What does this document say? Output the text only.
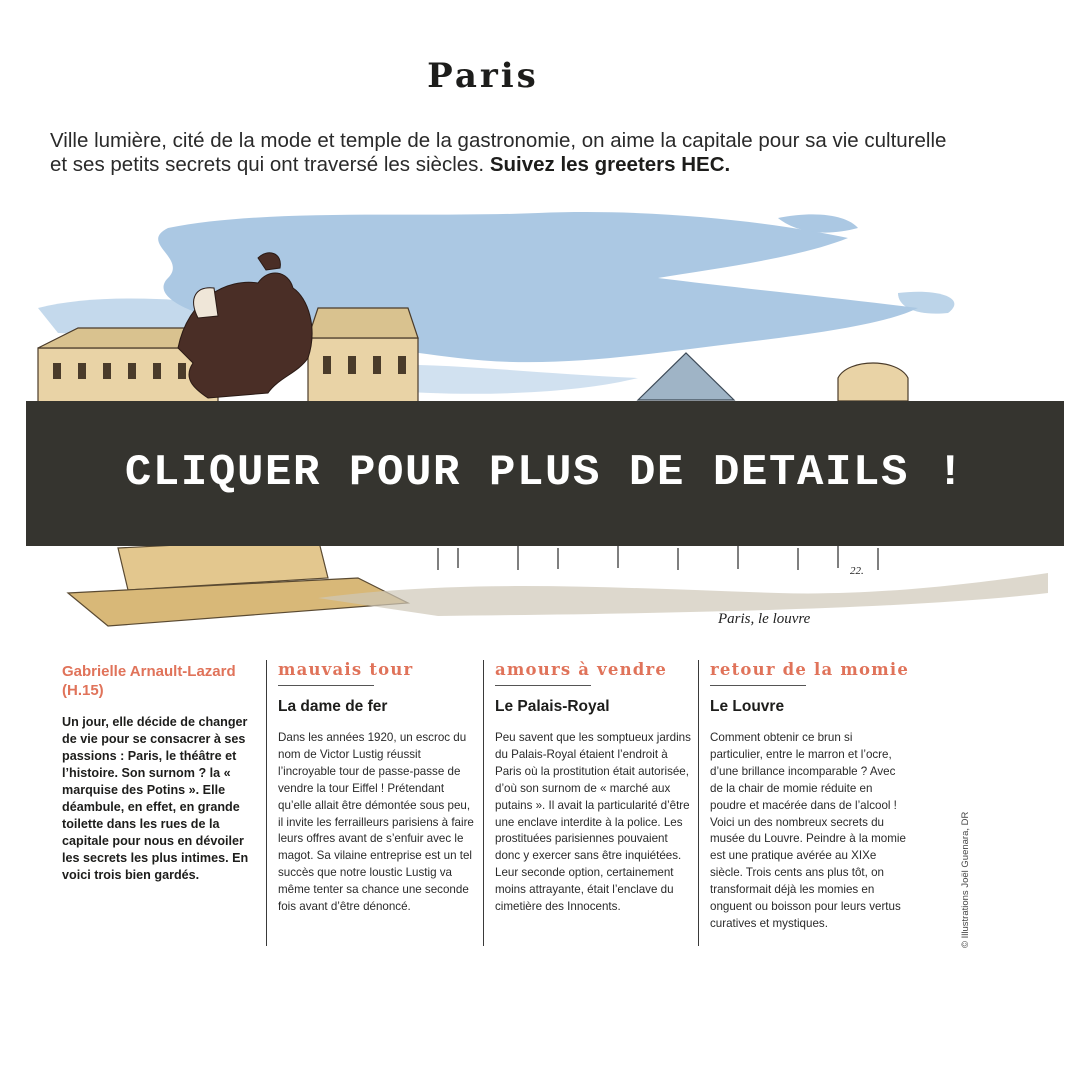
Paris

Ville lumière, cité de la mode et temple de la gastronomie, on aime la capitale pour sa vie culturelle et ses petits secrets qui ont traversé les siècles. Suivez les greeters HEC.

22.
Paris, le louvre
CLIQUER POUR PLUS DE DETAILS !

Gabrielle Arnault-Lazard (H.15)

Un jour, elle décide de changer de vie pour se consacrer à ses passions : Paris, le théâtre et l’histoire. Son surnom ? la « marquise des Potins ». Elle déambule, en effet, en grande toilette dans les rues de la capitale pour nous en dévoiler les secrets les plus intimes. En voici trois bien gardés.

mauvais tour

La dame de fer

Dans les années 1920, un escroc du nom de Victor Lustig réussit l’incroyable tour de passe-passe de vendre la tour Eiffel ! Prétendant qu’elle allait être démontée sous peu, il invite les ferrailleurs parisiens à faire leurs offres avant de s’enfuir avec le magot. Sa vilaine entreprise est un tel succès que notre loustic Lustig va même tenter sa chance une seconde fois avant d’être dénoncé.

amours à vendre

Le Palais-Royal

Peu savent que les somptueux jardins du Palais-Royal étaient l’endroit à Paris où la prostitution était autorisée, d’où son surnom de « marché aux putains ». Il avait la particularité d’être une enclave interdite à la police. Les prostituées parisiennes pouvaient donc y exercer sans être inquiétées. Leur seconde option, certainement moins attrayante, était l’enclave du cimetière des Innocents.

retour de la momie

Le Louvre

Comment obtenir ce brun si particulier, entre le marron et l’ocre, d’une brillance incomparable ? Avec de la chair de momie réduite en poudre et macérée dans de l’alcool ! Voici un des nombreux secrets du musée du Louvre. Peindre à la momie est une pratique avérée au XIXe siècle. Trois cents ans plus tôt, on transformait déjà les momies en onguent ou boisson pour leurs vertus curatives et mystiques.	© Illustrations Joël Guenara, DR
